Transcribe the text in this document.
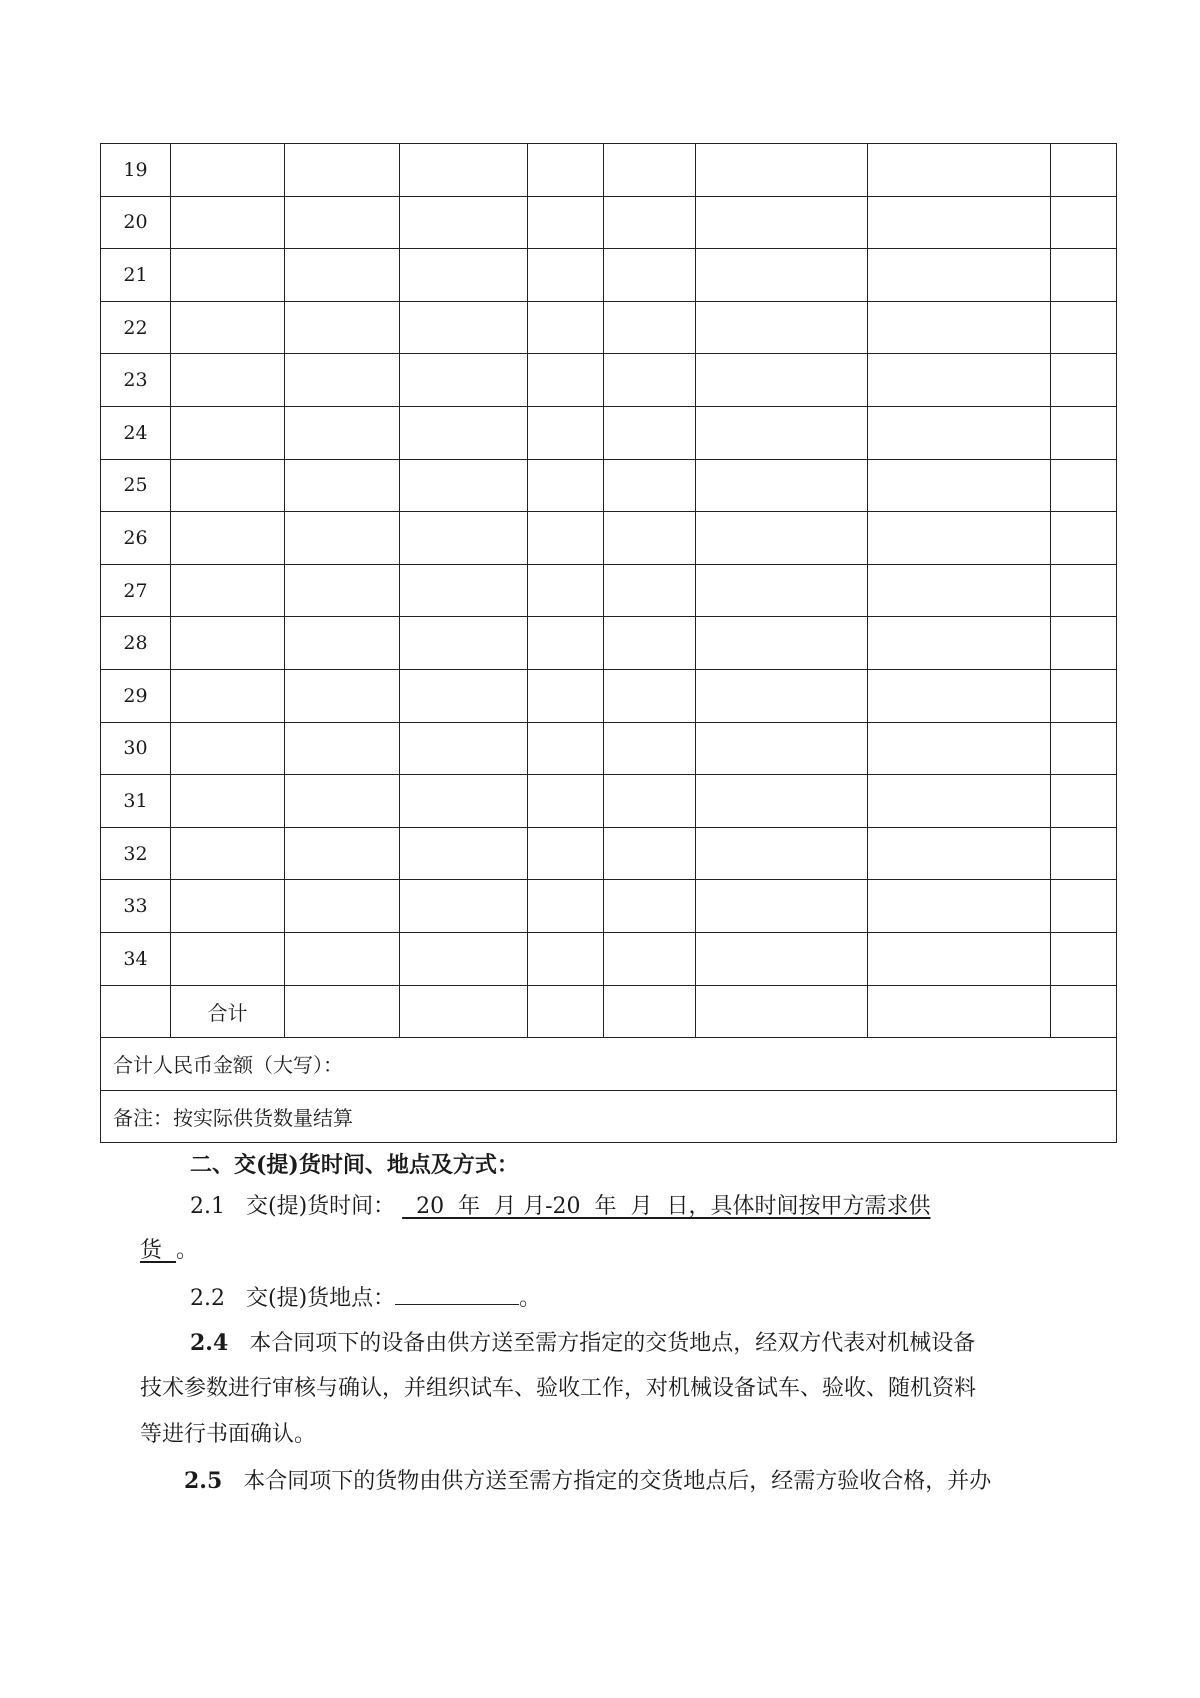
19								
20								
21								
22								
23								
24								
25								
26								
27								
28								
29								
30								
31								
32								
33								
34								
	合计							
合计人民币金额（大写）：								
备注：按实际供货数量结算								
二、交(提)货时间、地点及方式：
2.1 交(提)货时间：   20  年  月 月-20  年  月  日，具体时间按甲方需求供
货  。
2.2 交(提)货地点：	。
2.4 本合同项下的设备由供方送至需方指定的交货地点，经双方代表对机械设备
技术参数进行审核与确认，并组织试车、验收工作，对机械设备试车、验收、随机资料
等进行书面确认。
2.5 本合同项下的货物由供方送至需方指定的交货地点后，经需方验收合格，并办
